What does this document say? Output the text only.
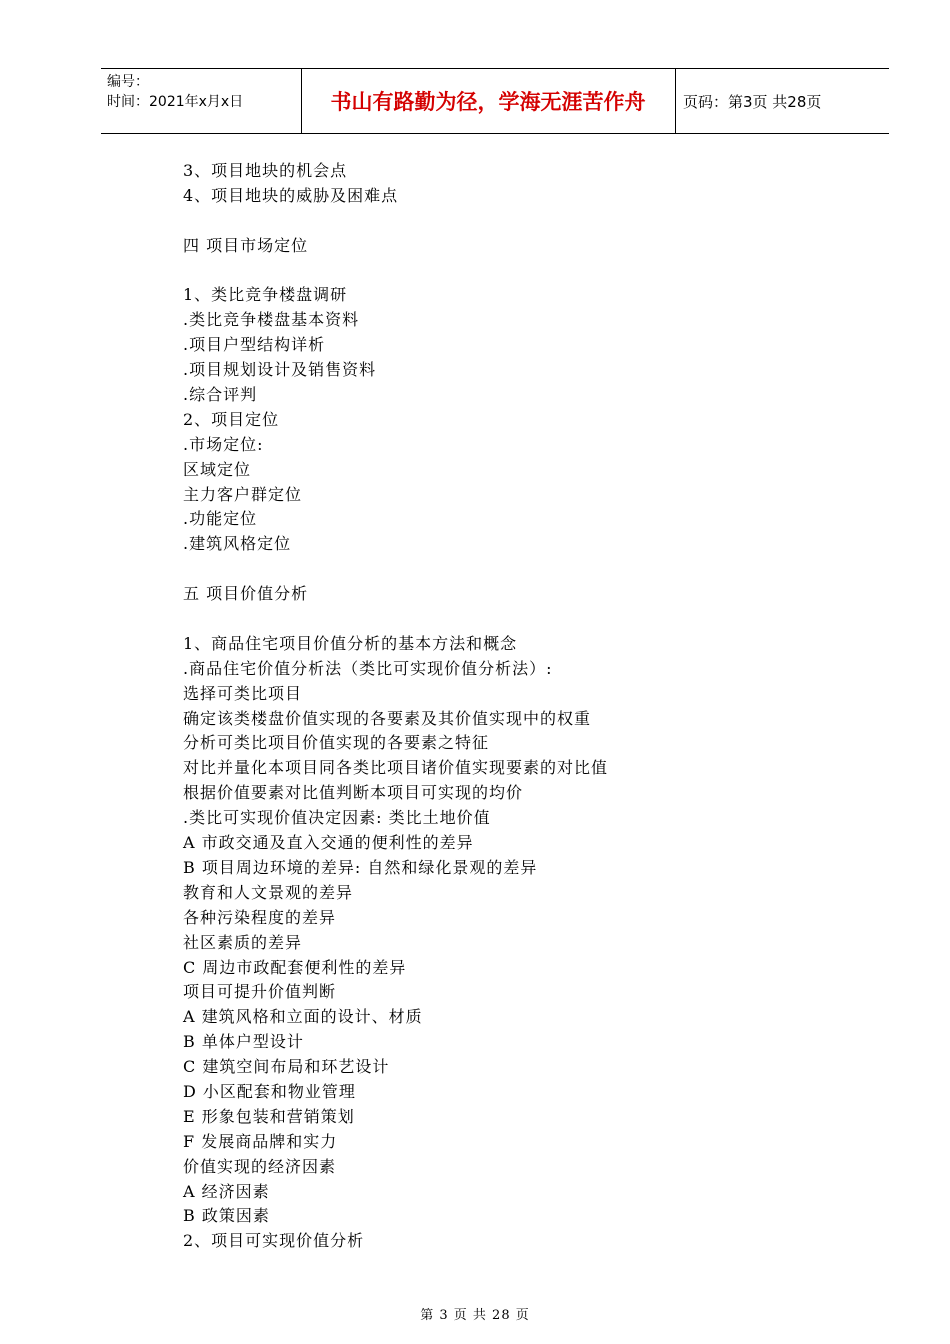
编号：
时间：2021年x月x日	书山有路勤为径，学海无涯苦作舟	页码：第3页 共28页
3、项目地块的机会点
4、项目地块的威胁及困难点
四 项目市场定位
1、类比竞争楼盘调研
.类比竞争楼盘基本资料
.项目户型结构详析
.项目规划设计及销售资料
.综合评判
2、项目定位
.市场定位:
区域定位
主力客户群定位
.功能定位
.建筑风格定位
五 项目价值分析
1、商品住宅项目价值分析的基本方法和概念
.商品住宅价值分析法（类比可实现价值分析法）:
选择可类比项目
确定该类楼盘价值实现的各要素及其价值实现中的权重
分析可类比项目价值实现的各要素之特征
对比并量化本项目同各类比项目诸价值实现要素的对比值
根据价值要素对比值判断本项目可实现的均价
.类比可实现价值决定因素: 类比土地价值
A 市政交通及直入交通的便利性的差异
B 项目周边环境的差异: 自然和绿化景观的差异
教育和人文景观的差异
各种污染程度的差异
社区素质的差异
C 周边市政配套便利性的差异
项目可提升价值判断
A 建筑风格和立面的设计、材质
B 单体户型设计
C 建筑空间布局和环艺设计
D 小区配套和物业管理
E 形象包装和营销策划
F 发展商品牌和实力
价值实现的经济因素
A 经济因素
B 政策因素
2、项目可实现价值分析
第 3 页 共 28 页
